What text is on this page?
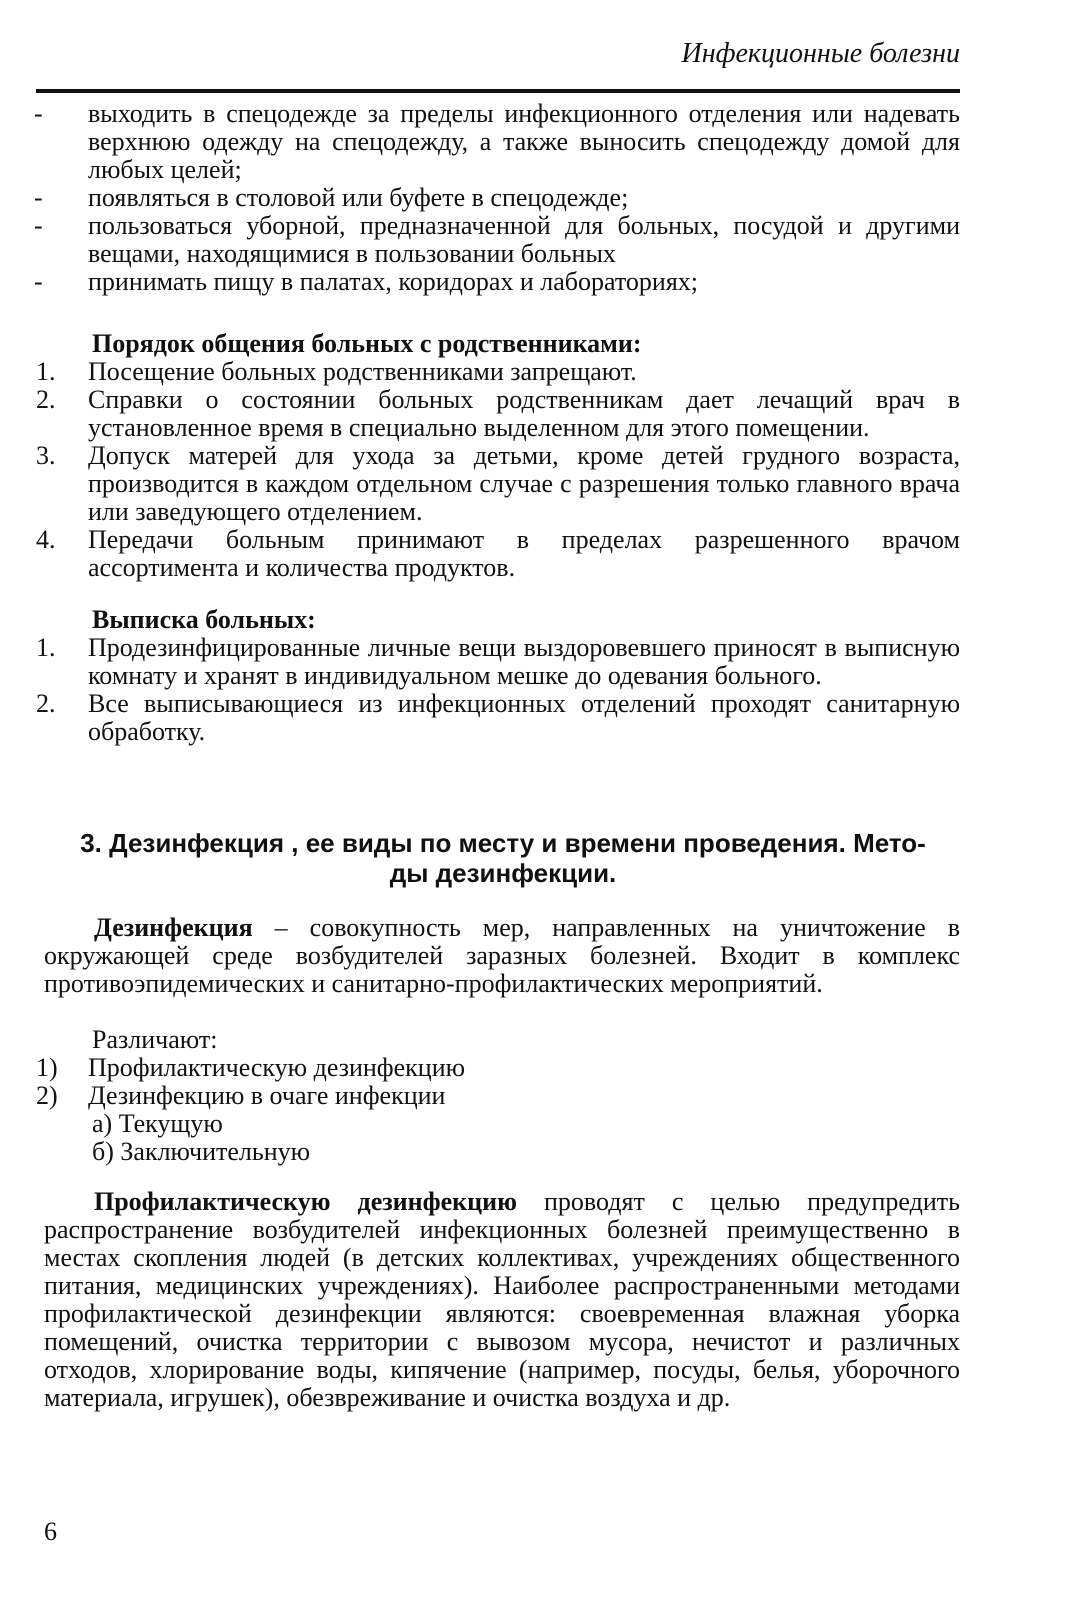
Инфекционные болезни
- выходить в спецодежде за пределы инфекционного отделения или надевать верхнюю одежду на спецодежду, а также выносить спецодежду домой для любых целей;
- появляться в столовой или буфете в спецодежде;
- пользоваться уборной, предназначенной для больных, посудой и другими вещами, находящимися в пользовании больных
- принимать пищу в палатах, коридорах и лабораториях;
Порядок общения больных с родственниками:
1. Посещение больных родственниками запрещают.
2. Справки о состоянии больных родственникам дает лечащий врач в установленное время в специально выделенном для этого помещении.
3. Допуск матерей для ухода за детьми, кроме детей грудного возраста, производится в каждом отдельном случае с разрешения только главного врача или заведующего отделением.
4. Передачи больным принимают в пределах разрешенного врачом ассортимента и количества продуктов.
Выписка больных:
1. Продезинфицированные личные вещи выздоровевшего приносят в выписную комнату и хранят в индивидуальном мешке до одевания больного.
2. Все выписывающиеся из инфекционных отделений проходят санитарную обработку.
3. Дезинфекция , ее виды по месту и времени проведения. Мето-
ды дезинфекции.
Дезинфекция – совокупность мер, направленных на уничтожение в окружающей среде возбудителей заразных болезней. Входит в комплекс противоэпидемических и санитарно-профилактических мероприятий.
Различают:
1) Профилактическую дезинфекцию
2) Дезинфекцию в очаге инфекции
а) Текущую
б) Заключительную
Профилактическую дезинфекцию проводят с целью предупредить распространение возбудителей инфекционных болезней преимущественно в местах скопления людей (в детских коллективах, учреждениях общественного питания, медицинских учреждениях). Наиболее распространенными методами профилактической дезинфекции являются: своевременная влажная уборка помещений, очистка территории с вывозом мусора, нечистот и различных отходов, хлорирование воды, кипячение (например, посуды, белья, уборочного материала, игрушек), обезвреживание и очистка воздуха и др.
6
